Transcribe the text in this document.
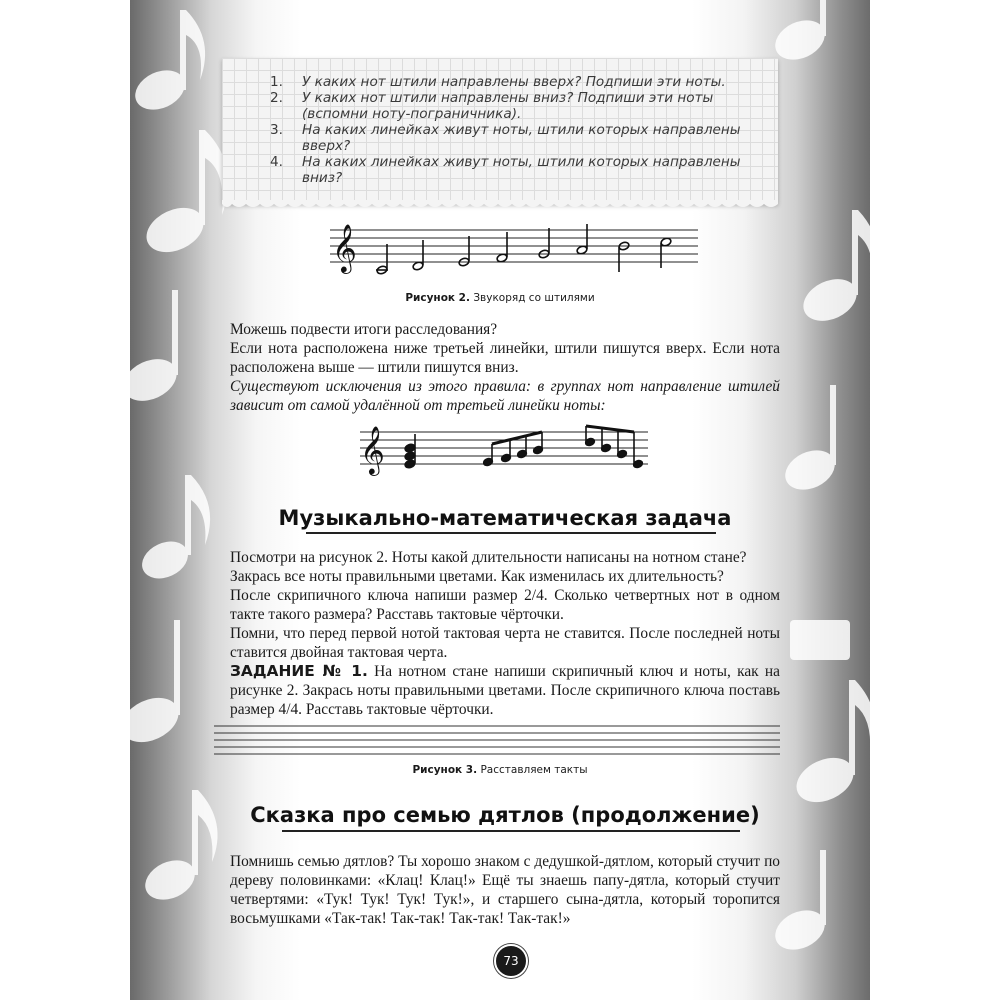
1. У каких нот штили направлены вверх? Подпиши эти ноты.
2. У каких нот штили направлены вниз? Подпиши эти ноты (вспомни ноту-пограничника).
3. На каких линейках живут ноты, штили которых направлены вверх?
4. На каких линейках живут ноты, штили которых направлены вниз?
𝄞
Рисунок 2. Звукоряд со штилями

Можешь подвести итоги расследования?

Если нота расположена ниже третьей линейки, штили пишутся вверх. Если нота расположена выше — штили пишутся вниз.

Существуют исключения из этого правила: в группах нот направление штилей зависит от самой удалённой от третьей линейки ноты:

𝄞
Музыкально-математическая задача

Посмотри на рисунок 2. Ноты какой длительности написаны на нотном стане?

Закрась все ноты правильными цветами. Как изменилась их длительность?

После скрипичного ключа напиши размер 2/4. Сколько четвертных нот в одном такте такого размера? Расставь тактовые чёрточки.

Помни, что перед первой нотой тактовая черта не ставится. После последней ноты ставится двойная тактовая черта.

ЗАДАНИЕ № 1. На нотном стане напиши скрипичный ключ и ноты, как на рисунке 2. Закрась ноты правильными цветами. После скрипичного ключа поставь размер 4/4. Расставь тактовые чёрточки.

Рисунок 3. Расставляем такты
Сказка про семью дятлов (продолжение)

Помнишь семью дятлов? Ты хорошо знаком с дедушкой-дятлом, который стучит по дереву половинками: «Клац! Клац!» Ещё ты знаешь папу-дятла, который стучит четвертями: «Тук! Тук! Тук! Тук!», и старшего сына-дятла, который торопится восьмушками «Так-так! Так-так! Так-так! Так-так!»

73
